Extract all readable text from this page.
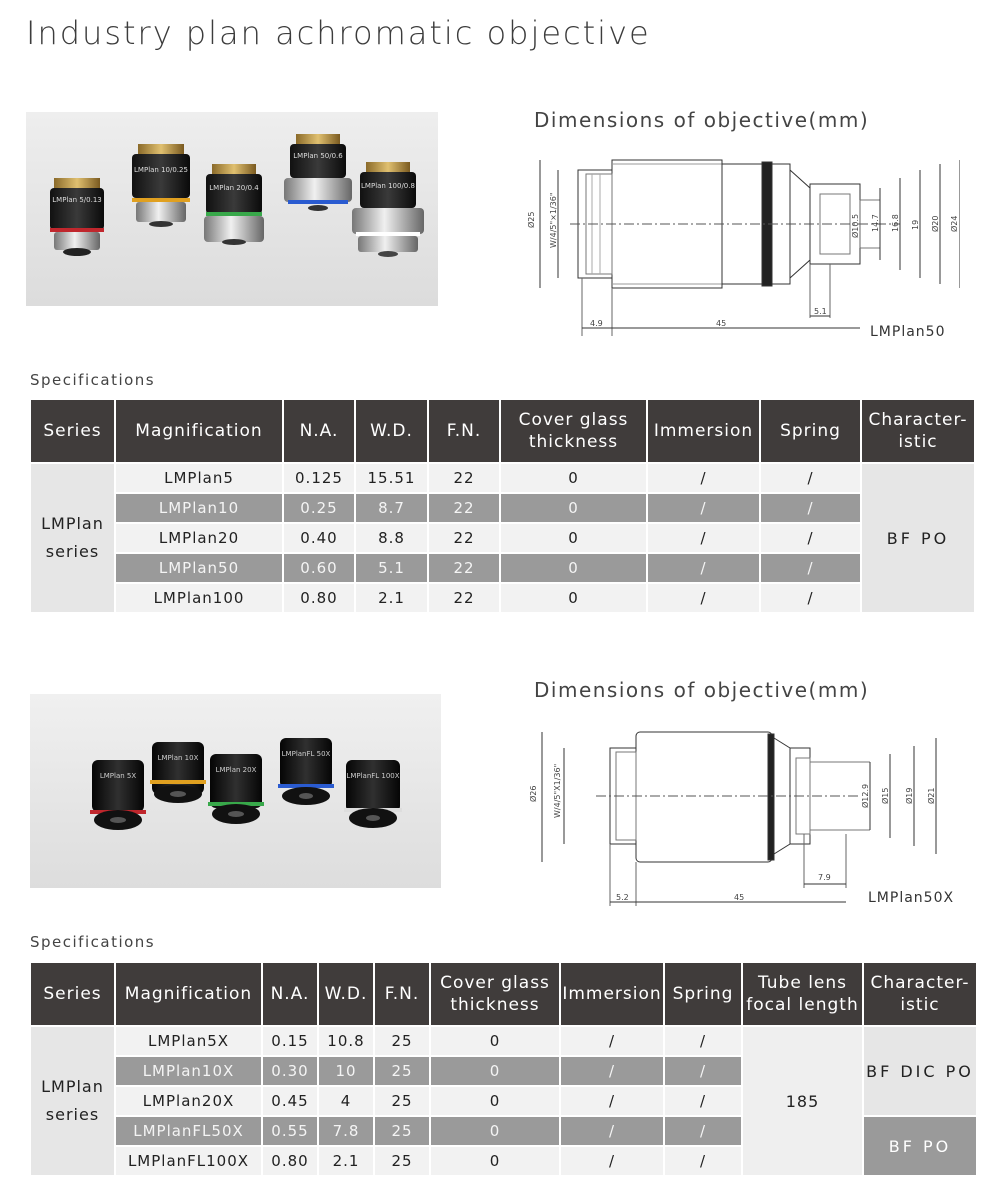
Industry plan achromatic objective
LMPlan 5/0.13
LMPlan 10/0.25
LMPlan 20/0.4
LMPlan 50/0.6
LMPlan 100/0.8
Dimensions of objective(mm)
Ø25 W/4/5"×1/36"	Ø10.5 14.7 16.8 19 Ø20 Ø24
5.1
4.9	45
LMPlan50
Specifications
Series	Magnification	N.A.	W.D.	F.N.	Cover glass thickness	Immersion	Spring	Character-istic
LMPlan series	LMPlan5	0.125	15.51	22	0	/	/	BF PO
	LMPlan10	0.25	8.7	22	0	/	/	
	LMPlan20	0.40	8.8	22	0	/	/	
	LMPlan50	0.60	5.1	22	0	/	/	
	LMPlan100	0.80	2.1	22	0	/	/	
LMPlan 5X
LMPlan 10X
LMPlan 20X
LMPlanFL 50X
LMPlanFL 100X
Dimensions of objective(mm)
Ø26 W/4/5"X1/36"	Ø12.9 Ø15 Ø19 Ø21
7.9
5.2	45	LMPlan50X
Specifications
Series	Magnification	N.A.	W.D.	F.N.	Cover glass thickness	Immersion	Spring	Tube lens focal length	Character-istic
LMPlan series	LMPlan5X	0.15	10.8	25	0	/	/	185	BF DIC PO
	LMPlan10X	0.30	10	25	0	/	/		
	LMPlan20X	0.45	4	25	0	/	/		
	LMPlanFL50X	0.55	7.8	25	0	/	/		BF PO
	LMPlanFL100X	0.80	2.1	25	0	/	/		
